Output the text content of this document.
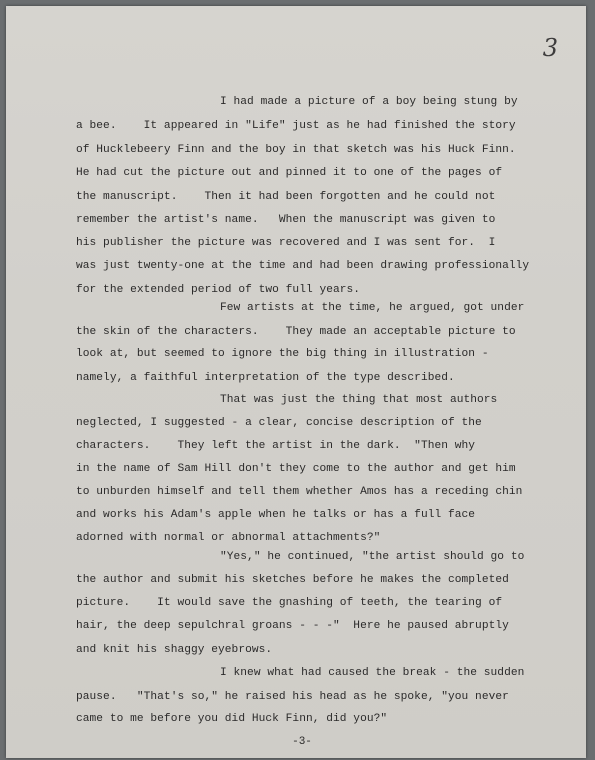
3
I had made a picture of a boy being stung by
a bee.    It appeared in "Life" just as he had finished the story
of Hucklebeеry Finn and the boy in that sketch was his Huck Finn.
He had cut the picture out and pinned it to one of the pages of
the manuscript.    Then it had been forgotten and he could not
remember the artist's name.   When the manuscript was given to
his publisher the picture was recovered and I was sent for.  I
was just twenty-one at the time and had been drawing professionally
for the extended period of two full years.
Few artists at the time, he argued, got under
the skin of the characters.    They made an acceptable picture to
look at, but seemed to ignore the big thing in illustration -
namely, a faithful interpretation of the type described.
That was just the thing that most authors
neglected, I suggested - a clear, concise description of the
characters.    They left the artist in the dark.  "Then why
in the name of Sam Hill don't they come to the author and get him
to unburden himself and tell them whether Amos has a receding chin
and works his Adam's apple when he talks or has a full face
adorned with normal or abnormal attachments?"
"Yes," he continued, "the artist should go to
the author and submit his sketches before he makes the completed
picture.    It would save the gnashing of teeth, the tearing of
hair, the deep sepulchral groans - - -"  Here he paused abruptly
and knit his shaggy eyebrows.
I knew what had caused the break - the sudden
pause.   "That's so," he raised his head as he spoke, "you never
came to me before you did Huck Finn, did you?"
-3-
